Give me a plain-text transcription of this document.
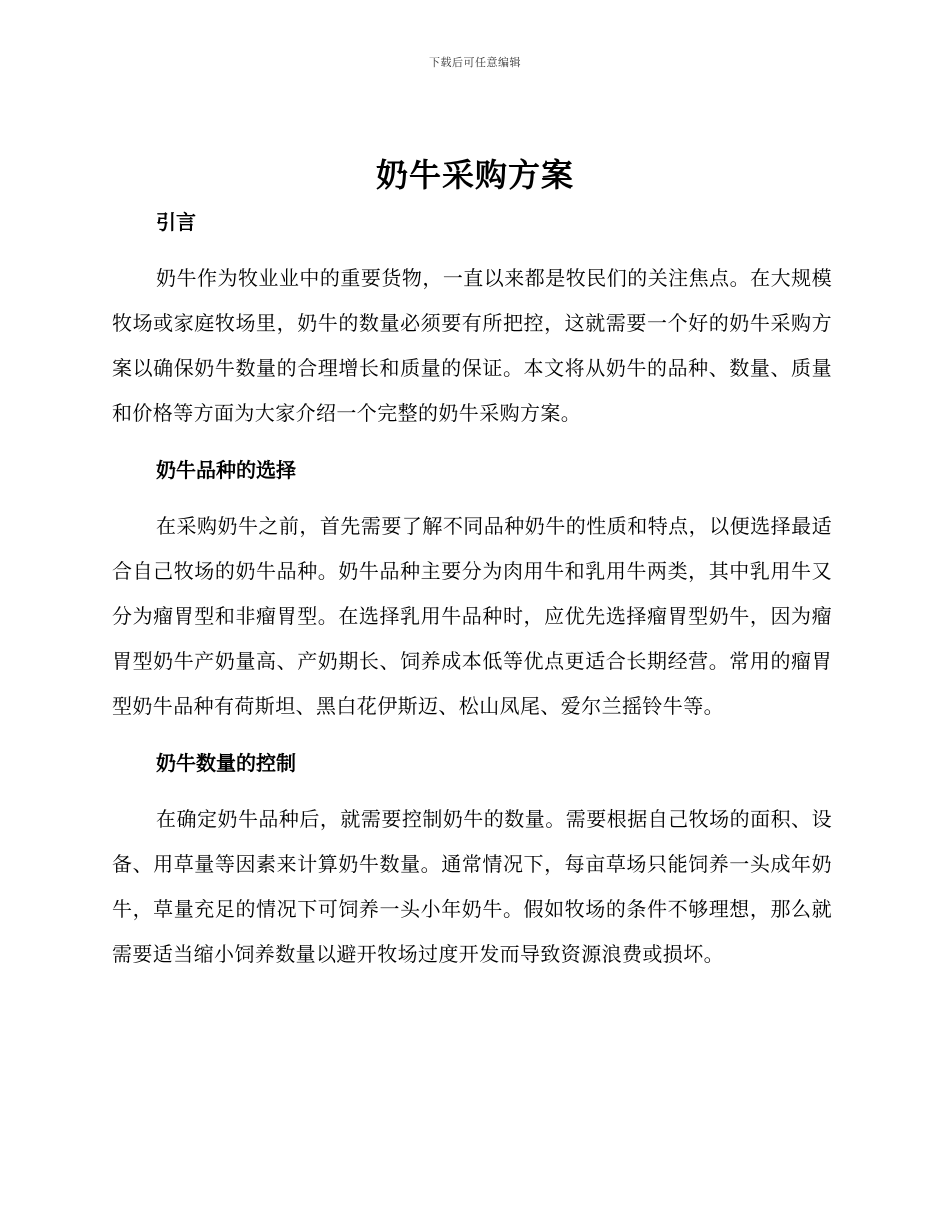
下载后可任意编辑
奶牛采购方案
引言

奶牛作为牧业业中的重要货物，一直以来都是牧民们的关注焦点。在大规模牧场或家庭牧场里，奶牛的数量必须要有所把控，这就需要一个好的奶牛采购方案以确保奶牛数量的合理增长和质量的保证。本文将从奶牛的品种、数量、质量和价格等方面为大家介绍一个完整的奶牛采购方案。

奶牛品种的选择

在采购奶牛之前，首先需要了解不同品种奶牛的性质和特点，以便选择最适合自己牧场的奶牛品种。奶牛品种主要分为肉用牛和乳用牛两类，其中乳用牛又分为瘤胃型和非瘤胃型。在选择乳用牛品种时，应优先选择瘤胃型奶牛，因为瘤胃型奶牛产奶量高、产奶期长、饲养成本低等优点更适合长期经营。常用的瘤胃型奶牛品种有荷斯坦、黑白花伊斯迈、松山凤尾、爱尔兰摇铃牛等。

奶牛数量的控制

在确定奶牛品种后，就需要控制奶牛的数量。需要根据自己牧场的面积、设备、用草量等因素来计算奶牛数量。通常情况下，每亩草场只能饲养一头成年奶牛，草量充足的情况下可饲养一头小年奶牛。假如牧场的条件不够理想，那么就需要适当缩小饲养数量以避开牧场过度开发而导致资源浪费或损坏。
